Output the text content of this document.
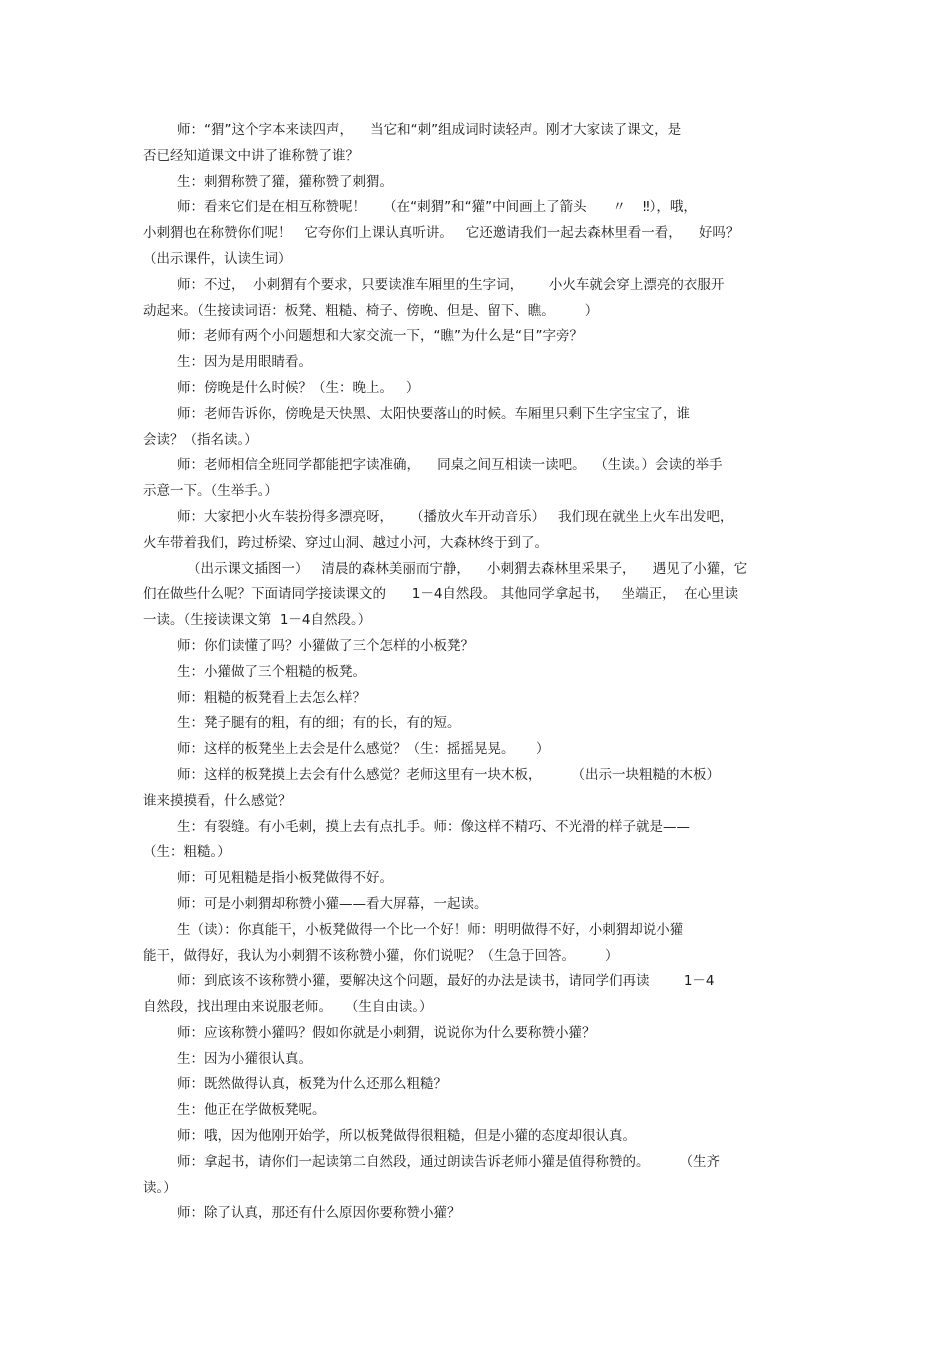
师：“猬”这个字本来读四声，    当它和“刺”组成词时读轻声。刚才大家读了课文，是
否已经知道课文中讲了谁称赞了谁？
生：刺猬称赞了獾，獾称赞了刺猬。
师：看来它们是在相互称赞呢！    （在“刺猬”和“獾”中间画上了箭头      〃    ‼），哦，
小刺猬也在称赞你们呢！   它夸你们上课认真听讲。   它还邀请我们一起去森林里看一看，    好吗？
（出示课件，认读生词）
师：不过，  小刺猬有个要求，只要读准车厢里的生字词，      小火车就会穿上漂亮的衣服开
动起来。（生接读词语：板凳、粗糙、椅子、傍晚、但是、留下、瞧。       ）
师：老师有两个小问题想和大家交流一下，“瞧”为什么是“目”字旁？
生：因为是用眼睛看。
师：傍晚是什么时候？（生：晚上。   ）
师：老师告诉你，傍晚是天快黑、太阳快要落山的时候。车厢里只剩下生字宝宝了，谁
会读？（指名读。）
师：老师相信全班同学都能把字读准确，    同桌之间互相读一读吧。  （生读。）会读的举手
示意一下。（生举手。）
师：大家把小火车装扮得多漂亮呀，    （播放火车开动音乐）   我们现在就坐上火车出发吧，
火车带着我们，跨过桥梁、穿过山洞、越过小河，大森林终于到了。
（出示课文插图一）   清晨的森林美丽而宁静，    小刺猬去森林里采果子，    遇见了小獾，它
们在做些什么呢？下面请同学接读课文的      1－4自然段。 其他同学拿起书，   坐端正，  在心里读
一读。（生接读课文第  1－4自然段。）
师：你们读懂了吗？小獾做了三个怎样的小板凳？
生：小獾做了三个粗糙的板凳。
师：粗糙的板凳看上去怎么样？
生：凳子腿有的粗，有的细；有的长，有的短。
师：这样的板凳坐上去会是什么感觉？（生：摇摇晃晃。     ）
师：这样的板凳摸上去会有什么感觉？老师这里有一块木板，       （出示一块粗糙的木板）
谁来摸摸看，什么感觉？
生：有裂缝。有小毛刺，摸上去有点扎手。师：像这样不精巧、不光滑的样子就是——
（生：粗糙。）
师：可见粗糙是指小板凳做得不好。
师：可是小刺猬却称赞小獾——看大屏幕，一起读。
生（读）：你真能干，小板凳做得一个比一个好！师：明明做得不好，小刺猬却说小獾
能干，做得好，我认为小刺猬不该称赞小獾，你们说呢？（生急于回答。       ）
师：到底该不该称赞小獾，要解决这个问题，最好的办法是读书，请同学们再读        1－4
自然段，找出理由来说服老师。   （生自由读。）
师：应该称赞小獾吗？假如你就是小刺猬，说说你为什么要称赞小獾？
生：因为小獾很认真。
师：既然做得认真，板凳为什么还那么粗糙？
生：他正在学做板凳呢。
师：哦，因为他刚开始学，所以板凳做得很粗糙，但是小獾的态度却很认真。
师：拿起书，请你们一起读第二自然段，通过朗读告诉老师小獾是值得称赞的。       （生齐
读。）
师：除了认真，那还有什么原因你要称赞小獾？
